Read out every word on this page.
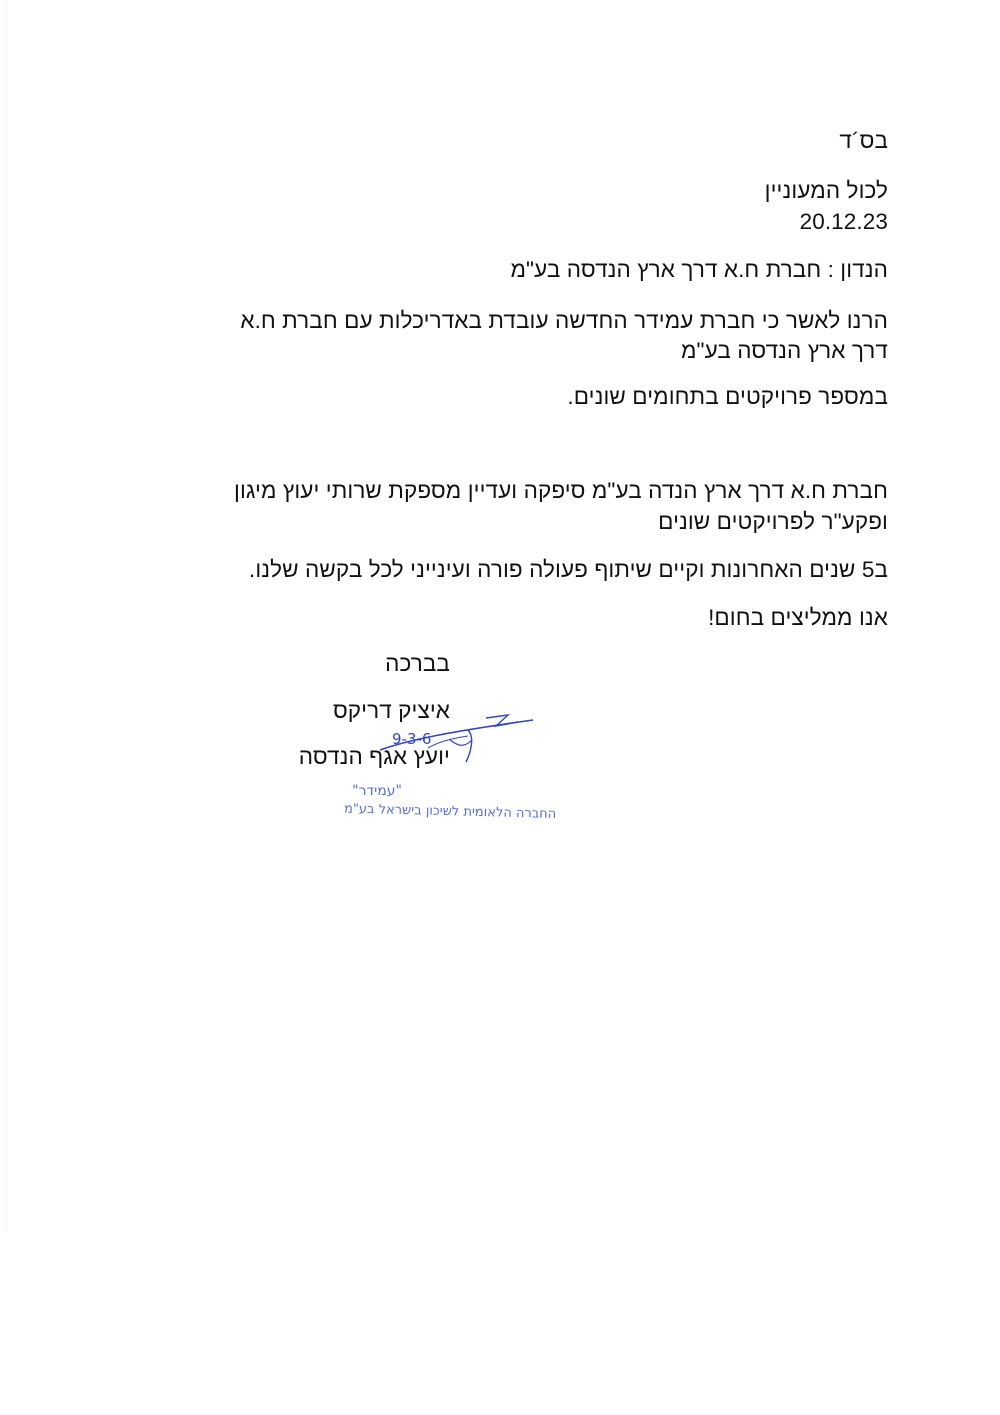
בס´ד
לכול המעוניין
20.12.23
הנדון : חברת ח.א דרך ארץ הנדסה בע"מ
הרנו לאשר כי חברת עמידר החדשה עובדת באדריכלות עם חברת ח.א
דרך ארץ הנדסה בע"מ
במספר פרויקטים בתחומים שונים.
חברת ח.א דרך ארץ הנדה בע"מ סיפקה ועדיין מספקת שרותי יעוץ מיגון
ופקע"ר לפרויקטים שונים
ב5 שנים האחרונות וקיים שיתוף פעולה פורה ועינייני לכל בקשה שלנו.
אנו ממליצים בחום!
בברכה
איציק דריקס
יועץ אגף הנדסה
9-3-6
"עמידר"
החברה הלאומית לשיכון בישראל בע"מ
